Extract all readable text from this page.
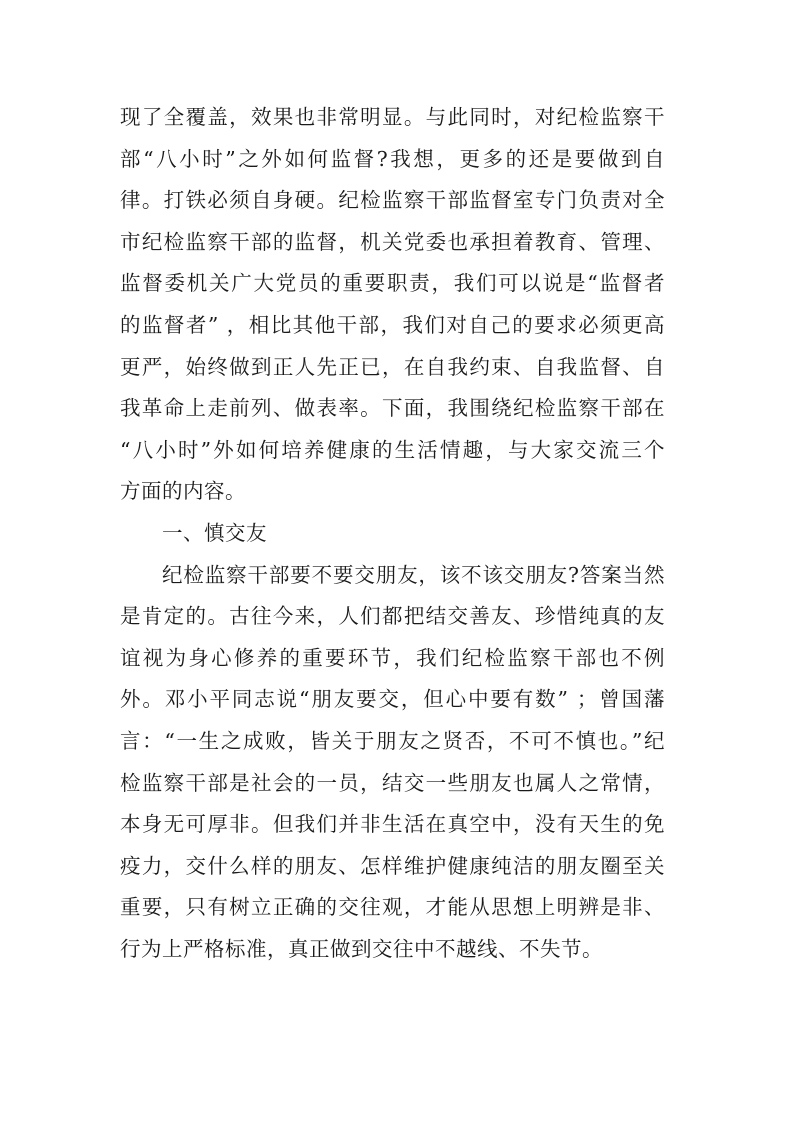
现了全覆盖，效果也非常明显。与此同时，对纪检监察干

部“八小时”之外如何监督?我想，更多的还是要做到自

律。打铁必须自身硬。纪检监察干部监督室专门负责对全

市纪检监察干部的监督，机关党委也承担着教育、管理、

监督委机关广大党员的重要职责，我们可以说是“监督者

的监督者” ，相比其他干部，我们对自己的要求必须更高

更严，始终做到正人先正已，在自我约束、自我监督、自

我革命上走前列、做表率。下面，我围绕纪检监察干部在

“八小时”外如何培养健康的生活情趣，与大家交流三个

方面的内容。

一、慎交友

纪检监察干部要不要交朋友，该不该交朋友?答案当然

是肯定的。古往今来，人们都把结交善友、珍惜纯真的友

谊视为身心修养的重要环节，我们纪检监察干部也不例

外。邓小平同志说“朋友要交，但心中要有数” ；曾国藩

言：“一生之成败，皆关于朋友之贤否，不可不慎也。”纪

检监察干部是社会的一员，结交一些朋友也属人之常情，

本身无可厚非。但我们并非生活在真空中，没有天生的免

疫力，交什么样的朋友、怎样维护健康纯洁的朋友圈至关

重要，只有树立正确的交往观，才能从思想上明辨是非、

行为上严格标准，真正做到交往中不越线、不失节。
